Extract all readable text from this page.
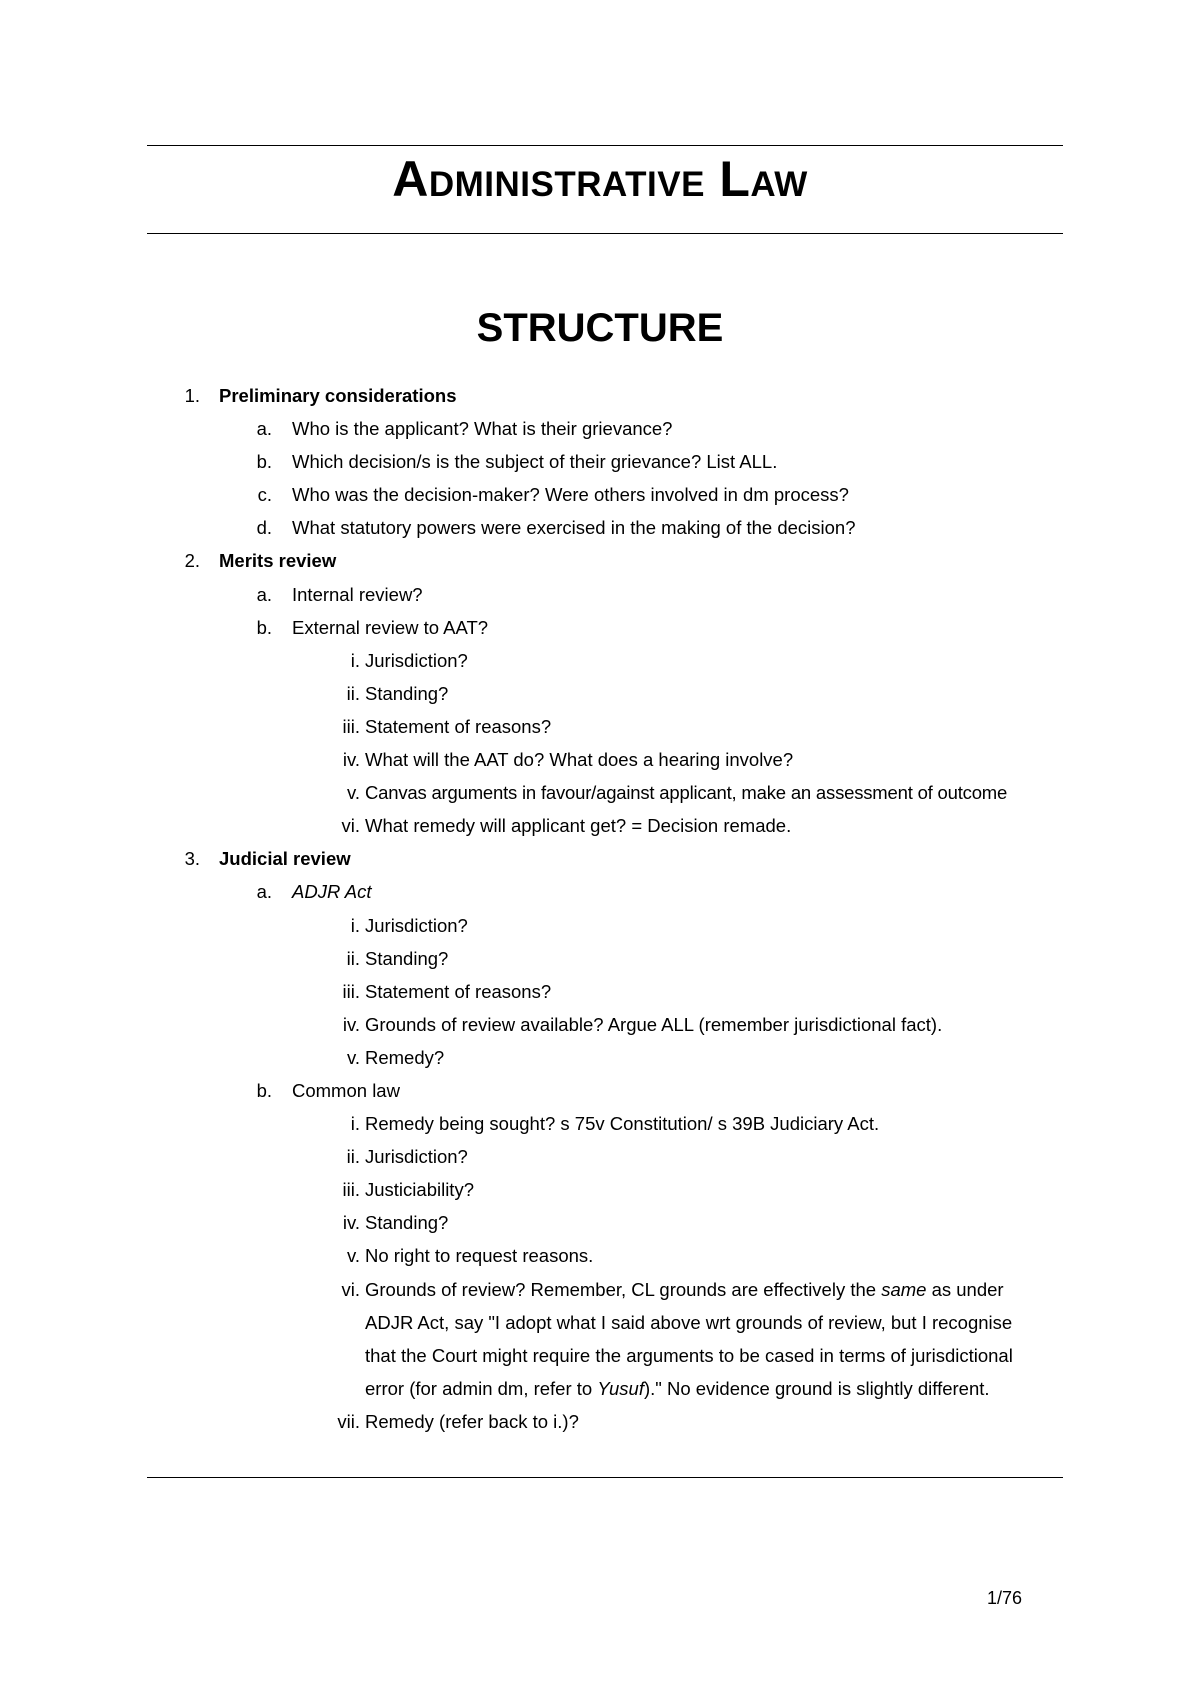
Administrative Law
STRUCTURE
1. Preliminary considerations
a. Who is the applicant? What is their grievance?
b. Which decision/s is the subject of their grievance? List ALL.
c. Who was the decision-maker? Were others involved in dm process?
d. What statutory powers were exercised in the making of the decision?
2. Merits review
a. Internal review?
b. External review to AAT?
i. Jurisdiction?
ii. Standing?
iii. Statement of reasons?
iv. What will the AAT do? What does a hearing involve?
v. Canvas arguments in favour/against applicant, make an assessment of outcome
vi. What remedy will applicant get? = Decision remade.
3. Judicial review
a. ADJR Act
i. Jurisdiction?
ii. Standing?
iii. Statement of reasons?
iv. Grounds of review available? Argue ALL (remember jurisdictional fact).
v. Remedy?
b. Common law
i. Remedy being sought? s 75v Constitution/ s 39B Judiciary Act.
ii. Jurisdiction?
iii. Justiciability?
iv. Standing?
v. No right to request reasons.
vi. Grounds of review? Remember, CL grounds are effectively the same as under
ADJR Act, say "I adopt what I said above wrt grounds of review, but I recognise
that the Court might require the arguments to be cased in terms of jurisdictional
error (for admin dm, refer to Yusuf)." No evidence ground is slightly different.
vii. Remedy (refer back to i.)?
1/76
